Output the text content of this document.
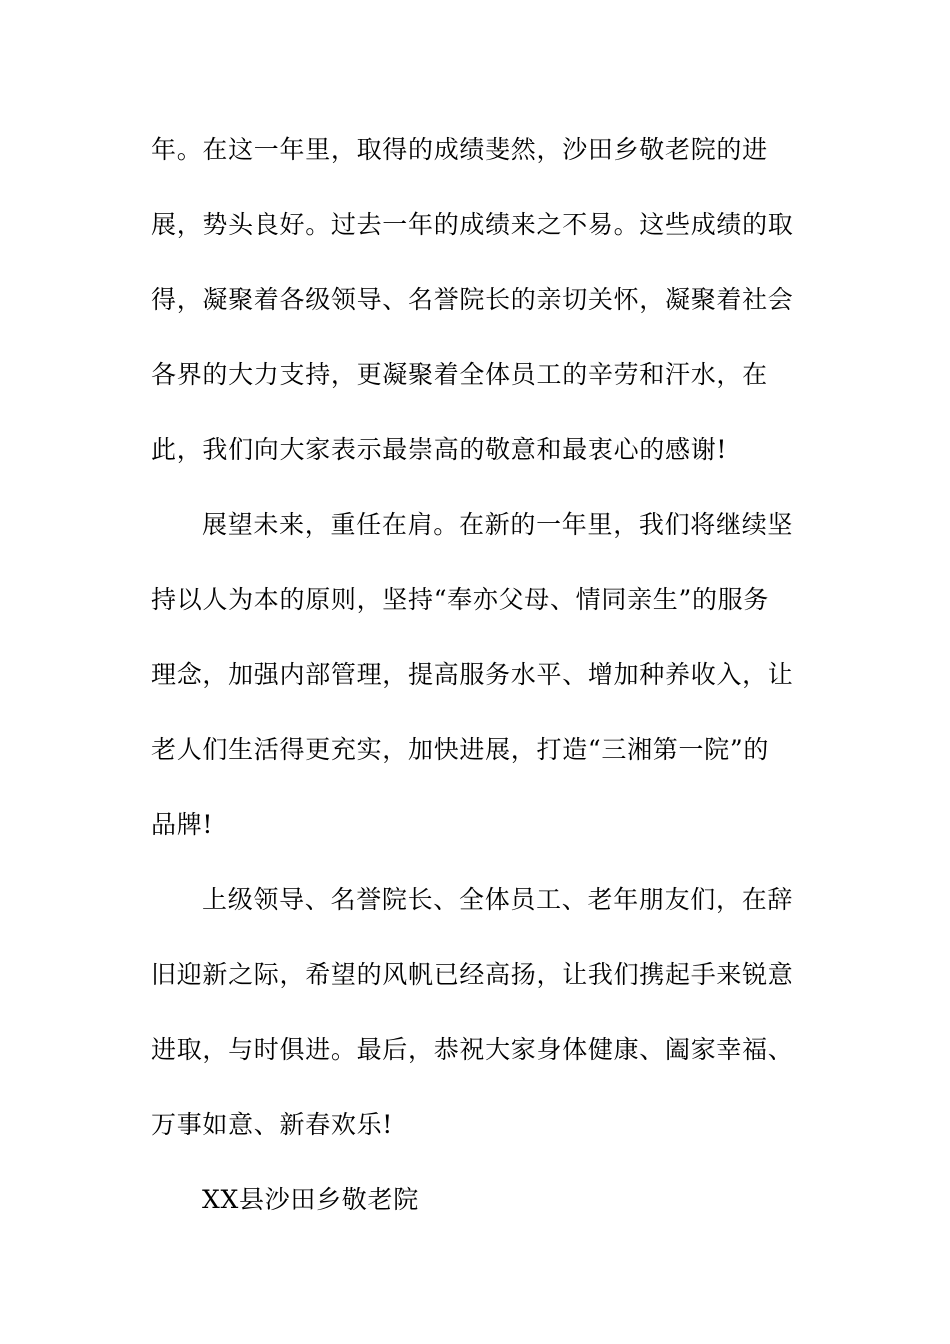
年。在这一年里，取得的成绩斐然，沙田乡敬老院的进
展，势头良好。过去一年的成绩来之不易。这些成绩的取
得，凝聚着各级领导、名誉院长的亲切关怀，凝聚着社会
各界的大力支持，更凝聚着全体员工的辛劳和汗水，在
此，我们向大家表示最崇高的敬意和最衷心的感谢!
展望未来，重任在肩。在新的一年里，我们将继续坚
持以人为本的原则，坚持“奉亦父母、情同亲生”的服务
理念，加强内部管理，提高服务水平、增加种养收入，让
老人们生活得更充实，加快进展，打造“三湘第一院”的
品牌!
上级领导、名誉院长、全体员工、老年朋友们，在辞
旧迎新之际，希望的风帆已经高扬，让我们携起手来锐意
进取，与时俱进。最后，恭祝大家身体健康、阖家幸福、
万事如意、新春欢乐!
XX县沙田乡敬老院
